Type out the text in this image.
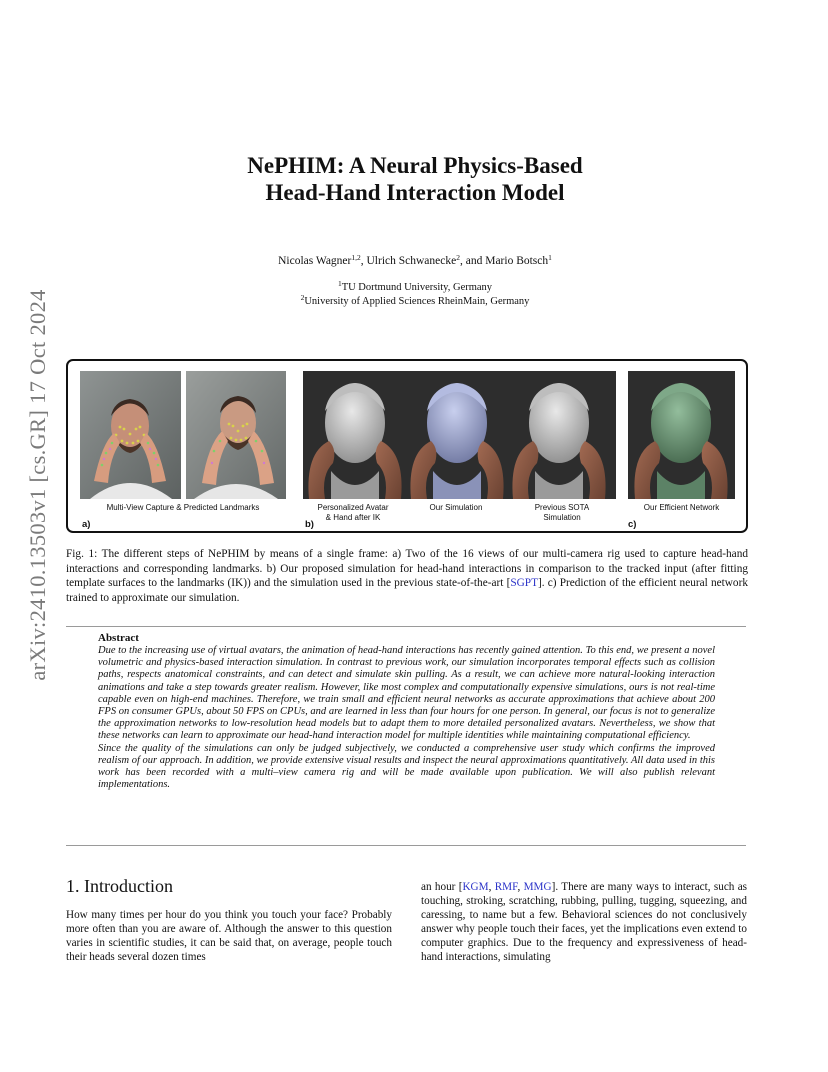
arXiv:2410.13503v1 [cs.GR] 17 Oct 2024
NePHIM: A Neural Physics-Based
Head-Hand Interaction Model
Nicolas Wagner$^{1,2}$, Ulrich Schwanecke$^2$, and Mario Botsch$^1$
$^1$TU Dortmund University, Germany
$^2$University of Applied Sciences RheinMain, Germany
Multi-View Capture & Predicted Landmarks	Personalized Avatar
& Hand after IK
Our Simulation	Previous SOTA
Simulation
Our Efficient Network
a)	b)	c)
Fig. 1: The different steps of NePHIM by means of a single frame: a) Two of the 16 views of our multi-camera rig used to capture head-hand interactions and corresponding landmarks. b) Our proposed simulation for head-hand interactions in comparison to the tracked input (after fitting template surfaces to the landmarks (IK)) and the simulation used in the previous state-of-the-art [SGPT]. c) Prediction of the efficient neural network trained to approximate our simulation.
Abstract

Due to the increasing use of virtual avatars, the animation of head-hand interactions has recently gained attention. To this end, we present a novel volumetric and physics-based interaction simulation. In contrast to previous work, our simulation incorporates temporal effects such as collision paths, respects anatomical constraints, and can detect and simulate skin pulling. As a result, we can achieve more natural-looking interaction animations and take a step towards greater realism. However, like most complex and computationally expensive simulations, ours is not real-time capable even on high-end machines. Therefore, we train small and efficient neural networks as accurate approximations that achieve about 200 FPS on consumer GPUs, about 50 FPS on CPUs, and are learned in less than four hours for one person. In general, our focus is not to generalize the approximation networks to low-resolution head models but to adapt them to more detailed personalized avatars. Nevertheless, we show that these networks can learn to approximate our head-hand interaction model for multiple identities while maintaining computational efficiency.

Since the quality of the simulations can only be judged subjectively, we conducted a comprehensive user study which confirms the improved realism of our approach. In addition, we provide extensive visual results and inspect the neural approximations quantitatively. All data used in this work has been recorded with a multi–view camera rig and will be made available upon publication. We will also publish relevant implementations.

1. Introduction

How many times per hour do you think you touch your face? Probably more often than you are aware of. Although the answer to this question varies in scientific studies, it can be said that, on average, people touch their heads several dozen times

an hour [KGM, RMF, MMG]. There are many ways to interact, such as touching, stroking, scratching, rubbing, pulling, tugging, squeezing, and caressing, to name but a few. Behavioral sciences do not conclusively answer why people touch their faces, yet the implications even extend to computer graphics. Due to the frequency and expressiveness of head-hand interactions, simulating
